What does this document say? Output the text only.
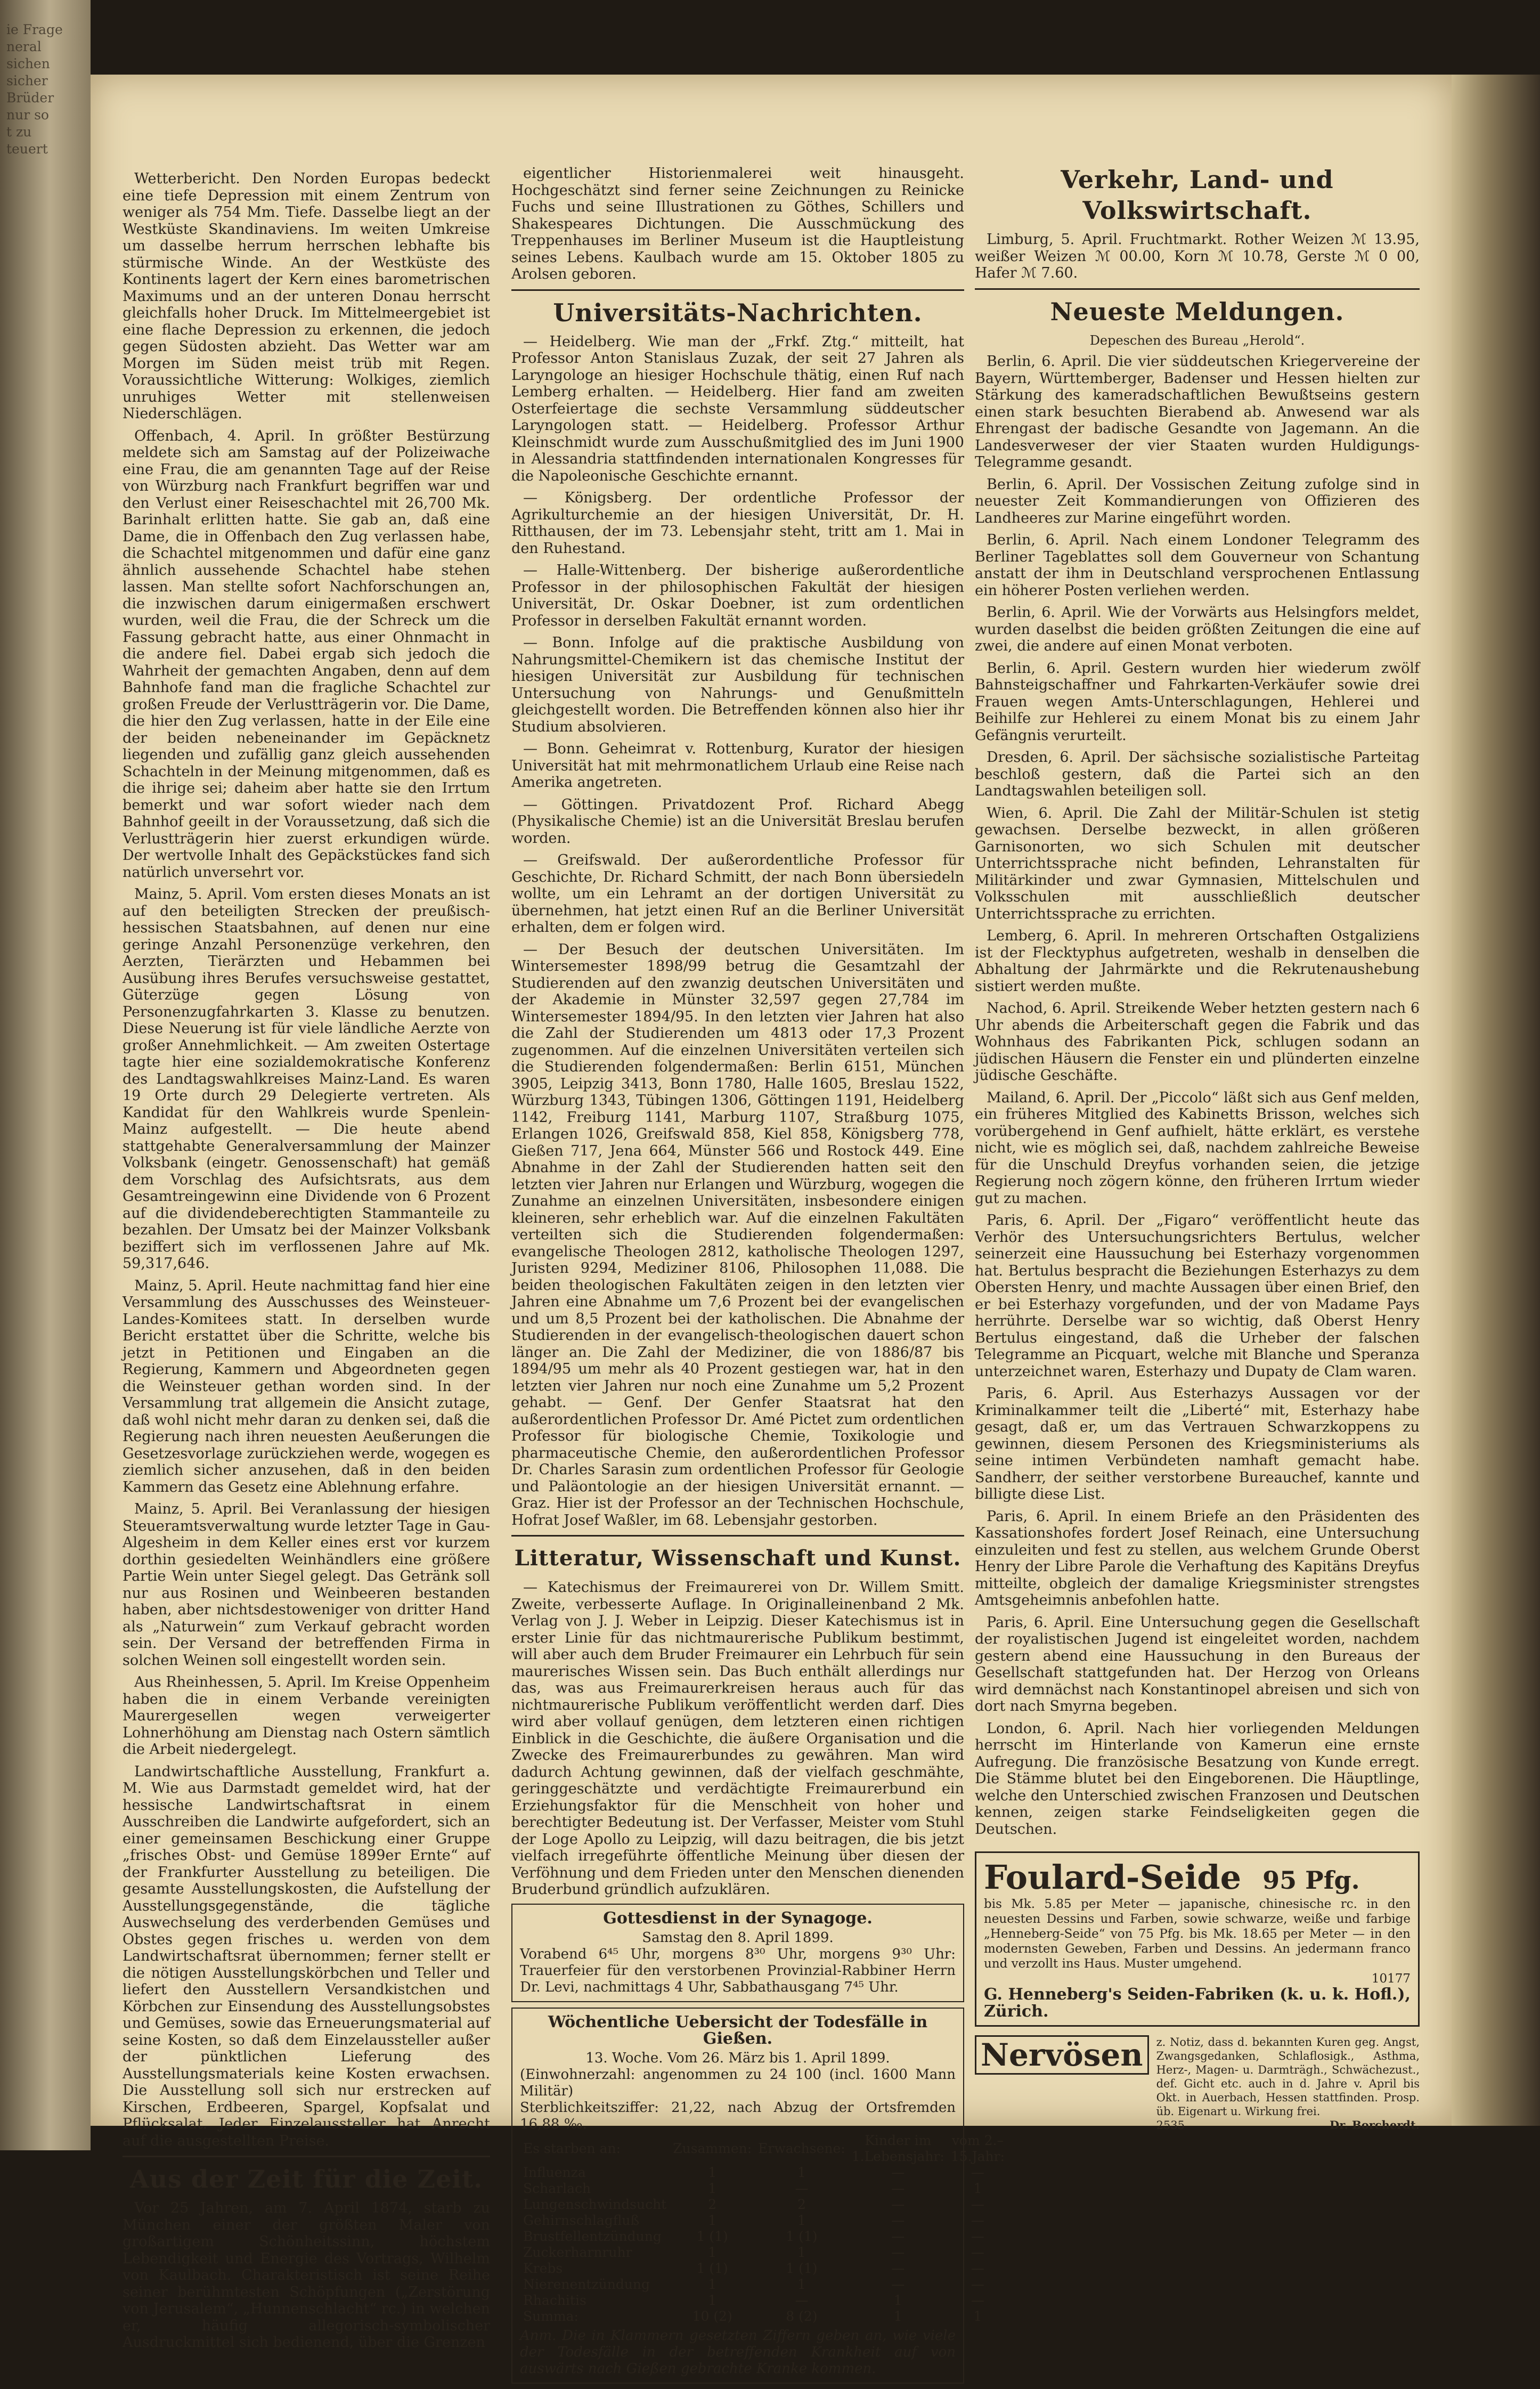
ie Frage
neral
sichen
sicher
Brüder
nur so
t zu
teuert

Wetterbericht. Den Norden Europas bedeckt eine tiefe Depression mit einem Zentrum von weniger als 754 Mm. Tiefe. Dasselbe liegt an der Westküste Skandinaviens. Im weiten Umkreise um dasselbe herrum herrschen lebhafte bis stürmische Winde. An der Westküste des Kontinents lagert der Kern eines barometrischen Maximums und an der unteren Donau herrscht gleichfalls hoher Druck. Im Mittelmeergebiet ist eine flache Depression zu erkennen, die jedoch gegen Südosten abzieht. Das Wetter war am Morgen im Süden meist trüb mit Regen. Voraussichtliche Witterung: Wolkiges, ziemlich unruhiges Wetter mit stellenweisen Niederschlägen.

Offenbach, 4. April. In größter Bestürzung meldete sich am Samstag auf der Polizeiwache eine Frau, die am genannten Tage auf der Reise von Würzburg nach Frankfurt begriffen war und den Verlust einer Reiseschachtel mit 26,700 Mk. Barinhalt erlitten hatte. Sie gab an, daß eine Dame, die in Offenbach den Zug verlassen habe, die Schachtel mitgenommen und dafür eine ganz ähnlich aussehende Schachtel habe stehen lassen. Man stellte sofort Nachforschungen an, die inzwischen darum einigermaßen erschwert wurden, weil die Frau, die der Schreck um die Fassung gebracht hatte, aus einer Ohnmacht in die andere fiel. Dabei ergab sich jedoch die Wahrheit der gemachten Angaben, denn auf dem Bahnhofe fand man die fragliche Schachtel zur großen Freude der Verlustträgerin vor. Die Dame, die hier den Zug verlassen, hatte in der Eile eine der beiden nebeneinander im Gepäcknetz liegenden und zufällig ganz gleich aussehenden Schachteln in der Meinung mitgenommen, daß es die ihrige sei; daheim aber hatte sie den Irrtum bemerkt und war sofort wieder nach dem Bahnhof geeilt in der Voraussetzung, daß sich die Verlustträgerin hier zuerst erkundigen würde. Der wertvolle Inhalt des Gepäckstückes fand sich natürlich unversehrt vor.

Mainz, 5. April. Vom ersten dieses Monats an ist auf den beteiligten Strecken der preußisch-hessischen Staatsbahnen, auf denen nur eine geringe Anzahl Personenzüge verkehren, den Aerzten, Tierärzten und Hebammen bei Ausübung ihres Berufes versuchsweise gestattet, Güterzüge gegen Lösung von Personenzugfahrkarten 3. Klasse zu benutzen. Diese Neuerung ist für viele ländliche Aerzte von großer Annehmlichkeit. — Am zweiten Ostertage tagte hier eine sozialdemokratische Konferenz des Landtagswahlkreises Mainz-Land. Es waren 19 Orte durch 29 Delegierte vertreten. Als Kandidat für den Wahlkreis wurde Spenlein-Mainz aufgestellt. — Die heute abend stattgehabte Generalversammlung der Mainzer Volksbank (eingetr. Genossenschaft) hat gemäß dem Vorschlag des Aufsichtsrats, aus dem Gesamtreingewinn eine Dividende von 6 Prozent auf die dividendeberechtigten Stammanteile zu bezahlen. Der Umsatz bei der Mainzer Volksbank beziffert sich im verflossenen Jahre auf Mk. 59,317,646.

Mainz, 5. April. Heute nachmittag fand hier eine Versammlung des Ausschusses des Weinsteuer-Landes-Komitees statt. In derselben wurde Bericht erstattet über die Schritte, welche bis jetzt in Petitionen und Eingaben an die Regierung, Kammern und Abgeordneten gegen die Weinsteuer gethan worden sind. In der Versammlung trat allgemein die Ansicht zutage, daß wohl nicht mehr daran zu denken sei, daß die Regierung nach ihren neuesten Aeußerungen die Gesetzesvorlage zurückziehen werde, wogegen es ziemlich sicher anzusehen, daß in den beiden Kammern das Gesetz eine Ablehnung erfahre.

Mainz, 5. April. Bei Veranlassung der hiesigen Steueramtsverwaltung wurde letzter Tage in Gau-Algesheim in dem Keller eines erst vor kurzem dorthin gesiedelten Weinhändlers eine größere Partie Wein unter Siegel gelegt. Das Getränk soll nur aus Rosinen und Weinbeeren bestanden haben, aber nichtsdestoweniger von dritter Hand als „Naturwein“ zum Verkauf gebracht worden sein. Der Versand der betreffenden Firma in solchen Weinen soll eingestellt worden sein.

Aus Rheinhessen, 5. April. Im Kreise Oppenheim haben die in einem Verbande vereinigten Maurergesellen wegen verweigerter Lohnerhöhung am Dienstag nach Ostern sämtlich die Arbeit niedergelegt.

Landwirtschaftliche Ausstellung, Frankfurt a. M. Wie aus Darmstadt gemeldet wird, hat der hessische Landwirtschaftsrat in einem Ausschreiben die Landwirte aufgefordert, sich an einer gemeinsamen Beschickung einer Gruppe „frisches Obst- und Gemüse 1899er Ernte“ auf der Frankfurter Ausstellung zu beteiligen. Die gesamte Ausstellungskosten, die Aufstellung der Ausstellungsgegenstände, die tägliche Auswechselung des verderbenden Gemüses und Obstes gegen frisches u. werden von dem Landwirtschaftsrat übernommen; ferner stellt er die nötigen Ausstellungskörbchen und Teller und liefert den Ausstellern Versandkistchen und Körbchen zur Einsendung des Ausstellungsobstes und Gemüses, sowie das Erneuerungsmaterial auf seine Kosten, so daß dem Einzelaussteller außer der pünktlichen Lieferung des Ausstellungsmaterials keine Kosten erwachsen. Die Ausstellung soll sich nur erstrecken auf Kirschen, Erdbeeren, Spargel, Kopfsalat und Pflücksalat. Jeder Einzelaussteller hat Anrecht auf die ausgestellten Preise.

Aus der Zeit für die Zeit.

Vor 25 Jahren, am 7. April 1874, starb zu München einer der größten Maler von großartigem Schönheitssinn, höchstem Lebendigkeit und Energie des Vortrags, Wilhelm von Kaulbach. Charakteristisch ist seine Reihe seiner berühmtesten Schöpfungen („Zerstörung von Jerusalem“, „Hunnenschlacht“ rc.) in welchen er, häufig allegorisch-symbolischer Ausdruckmittel sich bedienend, über die Grenzen

eigentlicher Historienmalerei weit hinausgeht. Hochgeschätzt sind ferner seine Zeichnungen zu Reinicke Fuchs und seine Illustrationen zu Göthes, Schillers und Shakespeares Dichtungen. Die Ausschmückung des Treppenhauses im Berliner Museum ist die Hauptleistung seines Lebens. Kaulbach wurde am 15. Oktober 1805 zu Arolsen geboren.

Universitäts-Nachrichten.

— Heidelberg. Wie man der „Frkf. Ztg.“ mitteilt, hat Professor Anton Stanislaus Zuzak, der seit 27 Jahren als Laryngologe an hiesiger Hochschule thätig, einen Ruf nach Lemberg erhalten. — Heidelberg. Hier fand am zweiten Osterfeiertage die sechste Versammlung süddeutscher Laryngologen statt. — Heidelberg. Professor Arthur Kleinschmidt wurde zum Ausschußmitglied des im Juni 1900 in Alessandria stattfindenden internationalen Kongresses für die Napoleonische Geschichte ernannt.

— Königsberg. Der ordentliche Professor der Agrikulturchemie an der hiesigen Universität, Dr. H. Ritthausen, der im 73. Lebensjahr steht, tritt am 1. Mai in den Ruhestand.

— Halle-Wittenberg. Der bisherige außerordentliche Professor in der philosophischen Fakultät der hiesigen Universität, Dr. Oskar Doebner, ist zum ordentlichen Professor in derselben Fakultät ernannt worden.

— Bonn. Infolge auf die praktische Ausbildung von Nahrungsmittel-Chemikern ist das chemische Institut der hiesigen Universität zur Ausbildung für technischen Untersuchung von Nahrungs- und Genußmitteln gleichgestellt worden. Die Betreffenden können also hier ihr Studium absolvieren.

— Bonn. Geheimrat v. Rottenburg, Kurator der hiesigen Universität hat mit mehrmonatlichem Urlaub eine Reise nach Amerika angetreten.

— Göttingen. Privatdozent Prof. Richard Abegg (Physikalische Chemie) ist an die Universität Breslau berufen worden.

— Greifswald. Der außerordentliche Professor für Geschichte, Dr. Richard Schmitt, der nach Bonn übersiedeln wollte, um ein Lehramt an der dortigen Universität zu übernehmen, hat jetzt einen Ruf an die Berliner Universität erhalten, dem er folgen wird.

— Der Besuch der deutschen Universitäten. Im Wintersemester 1898/99 betrug die Gesamtzahl der Studierenden auf den zwanzig deutschen Universitäten und der Akademie in Münster 32,597 gegen 27,784 im Wintersemester 1894/95. In den letzten vier Jahren hat also die Zahl der Studierenden um 4813 oder 17,3 Prozent zugenommen. Auf die einzelnen Universitäten verteilen sich die Studierenden folgendermaßen: Berlin 6151, München 3905, Leipzig 3413, Bonn 1780, Halle 1605, Breslau 1522, Würzburg 1343, Tübingen 1306, Göttingen 1191, Heidelberg 1142, Freiburg 1141, Marburg 1107, Straßburg 1075, Erlangen 1026, Greifswald 858, Kiel 858, Königsberg 778, Gießen 717, Jena 664, Münster 566 und Rostock 449. Eine Abnahme in der Zahl der Studierenden hatten seit den letzten vier Jahren nur Erlangen und Würzburg, wogegen die Zunahme an einzelnen Universitäten, insbesondere einigen kleineren, sehr erheblich war. Auf die einzelnen Fakultäten verteilten sich die Studierenden folgendermaßen: evangelische Theologen 2812, katholische Theologen 1297, Juristen 9294, Mediziner 8106, Philosophen 11,088. Die beiden theologischen Fakultäten zeigen in den letzten vier Jahren eine Abnahme um 7,6 Prozent bei der evangelischen und um 8,5 Prozent bei der katholischen. Die Abnahme der Studierenden in der evangelisch-theologischen dauert schon länger an. Die Zahl der Mediziner, die von 1886/87 bis 1894/95 um mehr als 40 Prozent gestiegen war, hat in den letzten vier Jahren nur noch eine Zunahme um 5,2 Prozent gehabt. — Genf. Der Genfer Staatsrat hat den außerordentlichen Professor Dr. Amé Pictet zum ordentlichen Professor für biologische Chemie, Toxikologie und pharmaceutische Chemie, den außerordentlichen Professor Dr. Charles Sarasin zum ordentlichen Professor für Geologie und Paläontologie an der hiesigen Universität ernannt. — Graz. Hier ist der Professor an der Technischen Hochschule, Hofrat Josef Waßler, im 68. Lebensjahr gestorben.

Litteratur, Wissenschaft und Kunst.

— Katechismus der Freimaurerei von Dr. Willem Smitt. Zweite, verbesserte Auflage. In Originalleinenband 2 Mk. Verlag von J. J. Weber in Leipzig. Dieser Katechismus ist in erster Linie für das nichtmaurerische Publikum bestimmt, will aber auch dem Bruder Freimaurer ein Lehrbuch für sein maurerisches Wissen sein. Das Buch enthält allerdings nur das, was aus Freimaurerkreisen heraus auch für das nichtmaurerische Publikum veröffentlicht werden darf. Dies wird aber vollauf genügen, dem letzteren einen richtigen Einblick in die Geschichte, die äußere Organisation und die Zwecke des Freimaurerbundes zu gewähren. Man wird dadurch Achtung gewinnen, daß der vielfach geschmähte, geringgeschätzte und verdächtigte Freimaurerbund ein Erziehungsfaktor für die Menschheit von hoher und berechtigter Bedeutung ist. Der Verfasser, Meister vom Stuhl der Loge Apollo zu Leipzig, will dazu beitragen, die bis jetzt vielfach irregeführte öffentliche Meinung über diesen der Verföhnung und dem Frieden unter den Menschen dienenden Bruderbund gründlich aufzuklären.

Gottesdienst in der Synagoge.
Samstag den 8. April 1899.
Vorabend 6⁴⁵ Uhr, morgens 8³⁰ Uhr, morgens 9³⁰ Uhr: Trauerfeier für den verstorbenen Provinzial-Rabbiner Herrn Dr. Levi, nachmittags 4 Uhr, Sabbathausgang 7⁴⁵ Uhr.
Wöchentliche Uebersicht der Todesfälle in Gießen.
13. Woche. Vom 26. März bis 1. April 1899.
(Einwohnerzahl: angenommen zu 24 100 (incl. 1600 Mann Militär)
Sterblichkeitsziffer: 21,22, nach Abzug der Ortsfremden 16,88 ‰.
Es starben an:	Zusammen:	Erwachsene:	Kinder im 1.Lebensjahr:	vom 2.–15.Jahr:
Influenza	1	1	—	—
Scharlach	1	—	—	1
Lungenschwindsucht	2	2	—	—
Gehirnschlagfluß	1	1	—	—
Brustfellentzündung	1 (1)	1 (1)	—	—
Zuckerharnruhr	1	1	—	—
Krebs	1 (1)	1 (1)	—	—
Nierenentzündung	1	1	—	—
Rhachitis	1	—	1	—
Summa:	10 (2)	8 (2)	1	1
Anm. Die in Klammern gesetzten Ziffern geben an, wie viele der Todesfälle in der betreffenden Krankheit auf von auswärts nach Gießen gebrachte Kranke kommen.
Verkehr, Land- und Volkswirtschaft.

Limburg, 5. April. Fruchtmarkt. Rother Weizen ℳ 13.95, weißer Weizen ℳ 00.00, Korn ℳ 10.78, Gerste ℳ 0 00, Hafer ℳ 7.60.

Neueste Meldungen.
Depeschen des Bureau „Herold“.

Berlin, 6. April. Die vier süddeutschen Kriegervereine der Bayern, Württemberger, Badenser und Hessen hielten zur Stärkung des kameradschaftlichen Bewußtseins gestern einen stark besuchten Bierabend ab. Anwesend war als Ehrengast der badische Gesandte von Jagemann. An die Landesverweser der vier Staaten wurden Huldigungs-Telegramme gesandt.

Berlin, 6. April. Der Vossischen Zeitung zufolge sind in neuester Zeit Kommandierungen von Offizieren des Landheeres zur Marine eingeführt worden.

Berlin, 6. April. Nach einem Londoner Telegramm des Berliner Tageblattes soll dem Gouverneur von Schantung anstatt der ihm in Deutschland versprochenen Entlassung ein höherer Posten verliehen werden.

Berlin, 6. April. Wie der Vorwärts aus Helsingfors meldet, wurden daselbst die beiden größten Zeitungen die eine auf zwei, die andere auf einen Monat verboten.

Berlin, 6. April. Gestern wurden hier wiederum zwölf Bahnsteigschaffner und Fahrkarten-Verkäufer sowie drei Frauen wegen Amts-Unterschlagungen, Hehlerei und Beihilfe zur Hehlerei zu einem Monat bis zu einem Jahr Gefängnis verurteilt.

Dresden, 6. April. Der sächsische sozialistische Parteitag beschloß gestern, daß die Partei sich an den Landtagswahlen beteiligen soll.

Wien, 6. April. Die Zahl der Militär-Schulen ist stetig gewachsen. Derselbe bezweckt, in allen größeren Garnisonorten, wo sich Schulen mit deutscher Unterrichtssprache nicht befinden, Lehranstalten für Militärkinder und zwar Gymnasien, Mittelschulen und Volksschulen mit ausschließlich deutscher Unterrichtssprache zu errichten.

Lemberg, 6. April. In mehreren Ortschaften Ostgaliziens ist der Flecktyphus aufgetreten, weshalb in denselben die Abhaltung der Jahrmärkte und die Rekrutenaushebung sistiert werden mußte.

Nachod, 6. April. Streikende Weber hetzten gestern nach 6 Uhr abends die Arbeiterschaft gegen die Fabrik und das Wohnhaus des Fabrikanten Pick, schlugen sodann an jüdischen Häusern die Fenster ein und plünderten einzelne jüdische Geschäfte.

Mailand, 6. April. Der „Piccolo“ läßt sich aus Genf melden, ein früheres Mitglied des Kabinetts Brisson, welches sich vorübergehend in Genf aufhielt, hätte erklärt, es verstehe nicht, wie es möglich sei, daß, nachdem zahlreiche Beweise für die Unschuld Dreyfus vorhanden seien, die jetzige Regierung noch zögern könne, den früheren Irrtum wieder gut zu machen.

Paris, 6. April. Der „Figaro“ veröffentlicht heute das Verhör des Untersuchungsrichters Bertulus, welcher seinerzeit eine Haussuchung bei Esterhazy vorgenommen hat. Bertulus bespracht die Beziehungen Esterhazys zu dem Obersten Henry, und machte Aussagen über einen Brief, den er bei Esterhazy vorgefunden, und der von Madame Pays herrührte. Derselbe war so wichtig, daß Oberst Henry Bertulus eingestand, daß die Urheber der falschen Telegramme an Picquart, welche mit Blanche und Speranza unterzeichnet waren, Esterhazy und Dupaty de Clam waren.

Paris, 6. April. Aus Esterhazys Aussagen vor der Kriminalkammer teilt die „Liberté“ mit, Esterhazy habe gesagt, daß er, um das Vertrauen Schwarzkoppens zu gewinnen, diesem Personen des Kriegsministeriums als seine intimen Verbündeten namhaft gemacht habe. Sandherr, der seither verstorbene Bureauchef, kannte und billigte diese List.

Paris, 6. April. In einem Briefe an den Präsidenten des Kassationshofes fordert Josef Reinach, eine Untersuchung einzuleiten und fest zu stellen, aus welchem Grunde Oberst Henry der Libre Parole die Verhaftung des Kapitäns Dreyfus mitteilte, obgleich der damalige Kriegsminister strengstes Amtsgeheimnis anbefohlen hatte.

Paris, 6. April. Eine Untersuchung gegen die Gesellschaft der royalistischen Jugend ist eingeleitet worden, nachdem gestern abend eine Haussuchung in den Bureaus der Gesellschaft stattgefunden hat. Der Herzog von Orleans wird demnächst nach Konstantinopel abreisen und sich von dort nach Smyrna begeben.

London, 6. April. Nach hier vorliegenden Meldungen herrscht im Hinterlande von Kamerun eine ernste Aufregung. Die französische Besatzung von Kunde erregt. Die Stämme blutet bei den Eingeborenen. Die Häuptlinge, welche den Unterschied zwischen Franzosen und Deutschen kennen, zeigen starke Feindseligkeiten gegen die Deutschen.

Foulard-Seide 95 Pfg.
bis Mk. 5.85 per Meter — japanische, chinesische rc. in den neuesten Dessins und Farben, sowie schwarze, weiße und farbige „Henneberg-Seide“ von 75 Pfg. bis Mk. 18.65 per Meter — in den modernsten Geweben, Farben und Dessins. An jedermann franco und verzollt ins Haus. Muster umgehend.
10177
G. Henneberg's Seiden-Fabriken (k. u. k. Hofl.), Zürich.
Nervösen	z. Notiz, dass d. bekannten Kuren geg. Angst, Zwangsgedanken, Schlaflosigk., Asthma, Herz-, Magen- u. Darmträgh., Schwächezust., def. Gicht etc. auch in d. Jahre v. April bis Okt. in Auerbach, Hessen stattfinden. Prosp. üb. Eigenart u. Wirkung frei.
2535	Dr. Borcherdt.
